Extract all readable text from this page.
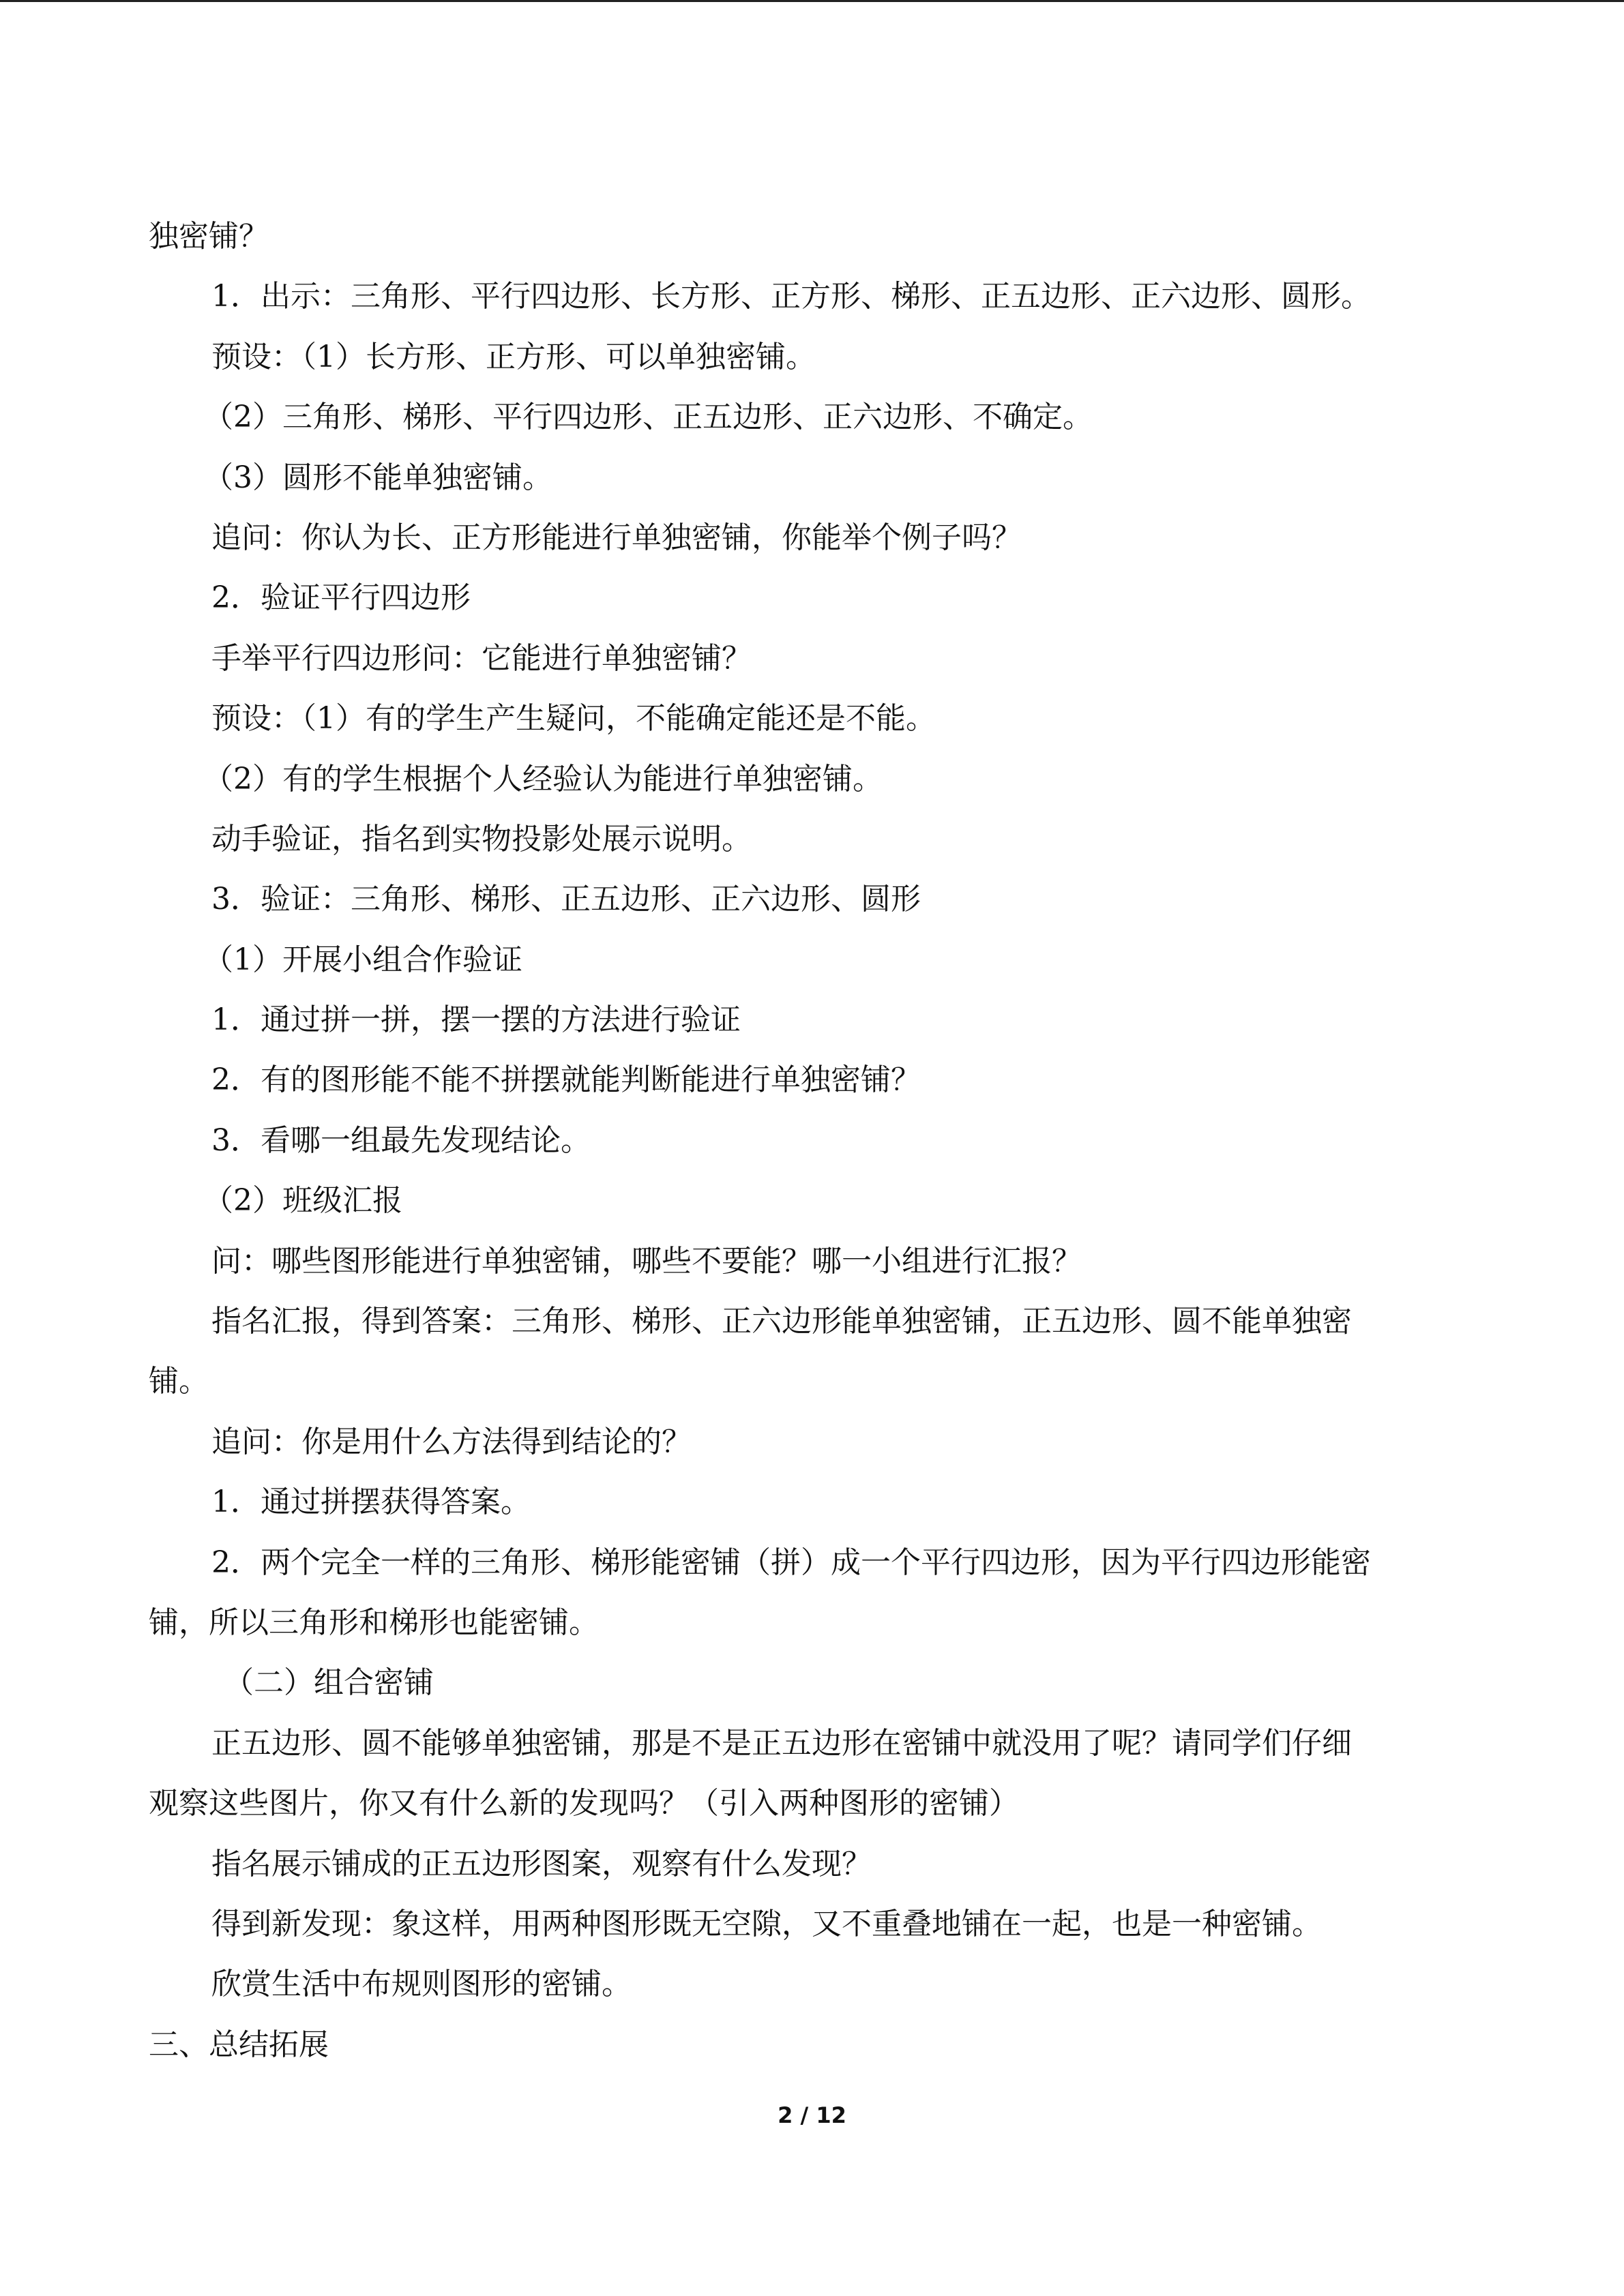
独密铺？
1．出示：三角形、平行四边形、长方形、正方形、梯形、正五边形、正六边形、圆形。
预设：（1）长方形、正方形、可以单独密铺。
（2）三角形、梯形、平行四边形、正五边形、正六边形、不确定。
（3）圆形不能单独密铺。
追问：你认为长、正方形能进行单独密铺，你能举个例子吗？
2．验证平行四边形
手举平行四边形问：它能进行单独密铺？
预设：（1）有的学生产生疑问，不能确定能还是不能。
（2）有的学生根据个人经验认为能进行单独密铺。
动手验证，指名到实物投影处展示说明。
3．验证：三角形、梯形、正五边形、正六边形、圆形
（1）开展小组合作验证
1．通过拼一拼，摆一摆的方法进行验证
2．有的图形能不能不拼摆就能判断能进行单独密铺？
3．看哪一组最先发现结论。
（2）班级汇报
问：哪些图形能进行单独密铺，哪些不要能？哪一小组进行汇报？
指名汇报，得到答案：三角形、梯形、正六边形能单独密铺，正五边形、圆不能单独密
铺。
追问：你是用什么方法得到结论的？
1．通过拼摆获得答案。
2．两个完全一样的三角形、梯形能密铺（拼）成一个平行四边形，因为平行四边形能密
铺，所以三角形和梯形也能密铺。
（二）组合密铺
正五边形、圆不能够单独密铺，那是不是正五边形在密铺中就没用了呢？请同学们仔细
观察这些图片，你又有什么新的发现吗？（引入两种图形的密铺）
指名展示铺成的正五边形图案，观察有什么发现？
得到新发现：象这样，用两种图形既无空隙，又不重叠地铺在一起，也是一种密铺。
欣赏生活中布规则图形的密铺。
三、总结拓展
2 / 12
